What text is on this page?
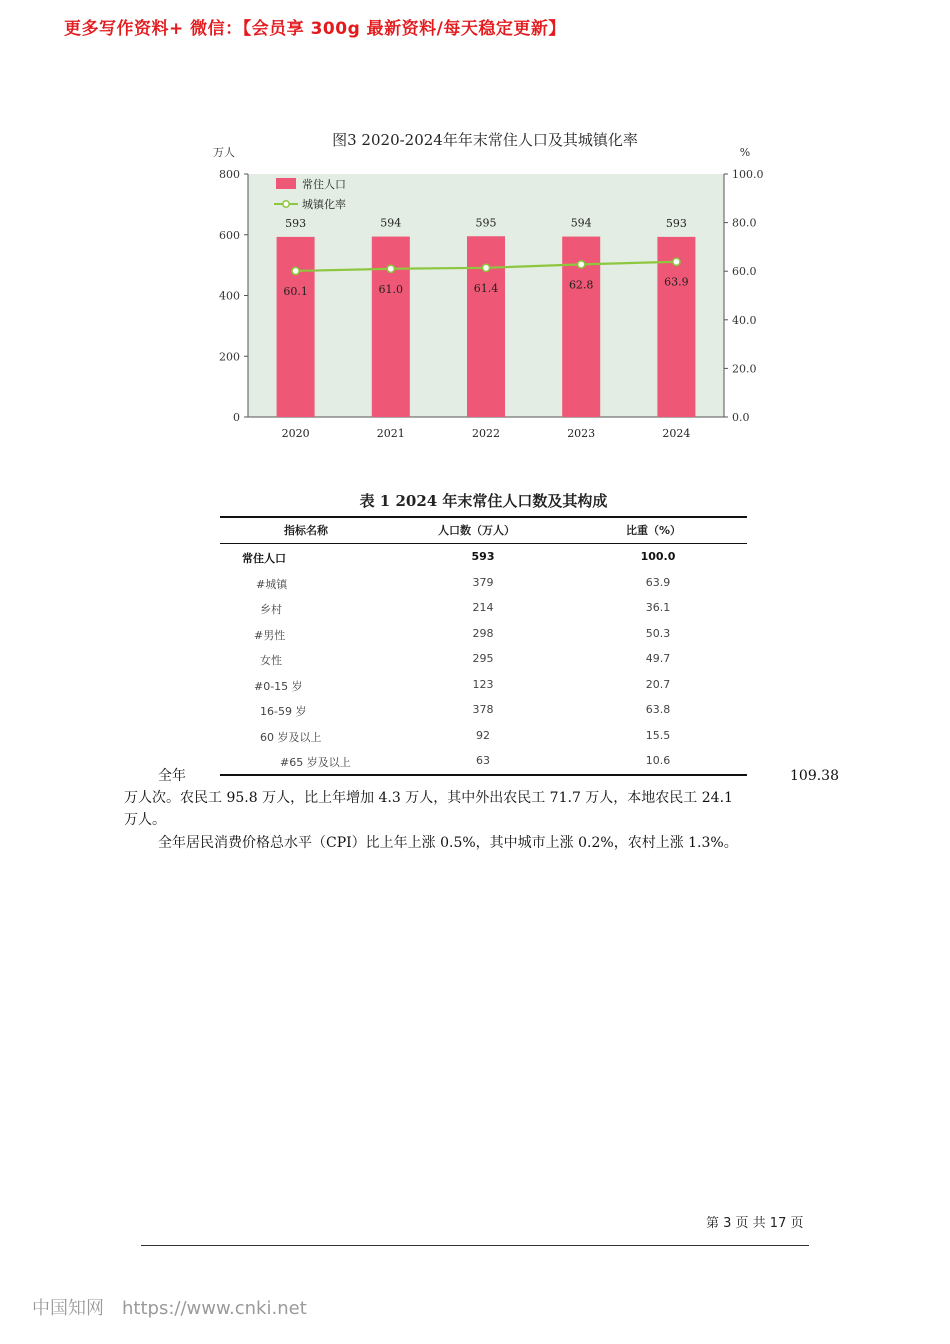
更多写作资料+ 微信：【会员享 300g 最新资料/每天稳定更新】
万人	%
0
200
400
600
800
0.0
20.0
40.0
60.0
80.0
100.0
593
2020
594
2021
595
2022
594
2023
593
2024
60.1	61.0	61.4	62.8	63.9
常住人口
城镇化率
图3 2020-2024年年末常住人口及其城镇化率
表 1 2024 年末常住人口数及其构成
指标名称	人口数（万人）	比重（%）
常住人口	593	100.0
#城镇	379	63.9
乡村	214	36.1
#男性	298	50.3
女性	295	49.7
#0-15 岁	123	20.7
16-59 岁	378	63.8
60 岁及以上	92	15.5
#65 岁及以上	63	10.6
全年	109.38
万人次。农民工 95.8 万人，比上年增加 4.3 万人，其中外出农民工 71.7 万人，本地农民工 24.1
万人。
全年居民消费价格总水平（CPI）比上年上涨 0.5%，其中城市上涨 0.2%，农村上涨 1.3%。
第 3 页 共 17 页
中国知网 https://www.cnki.net
